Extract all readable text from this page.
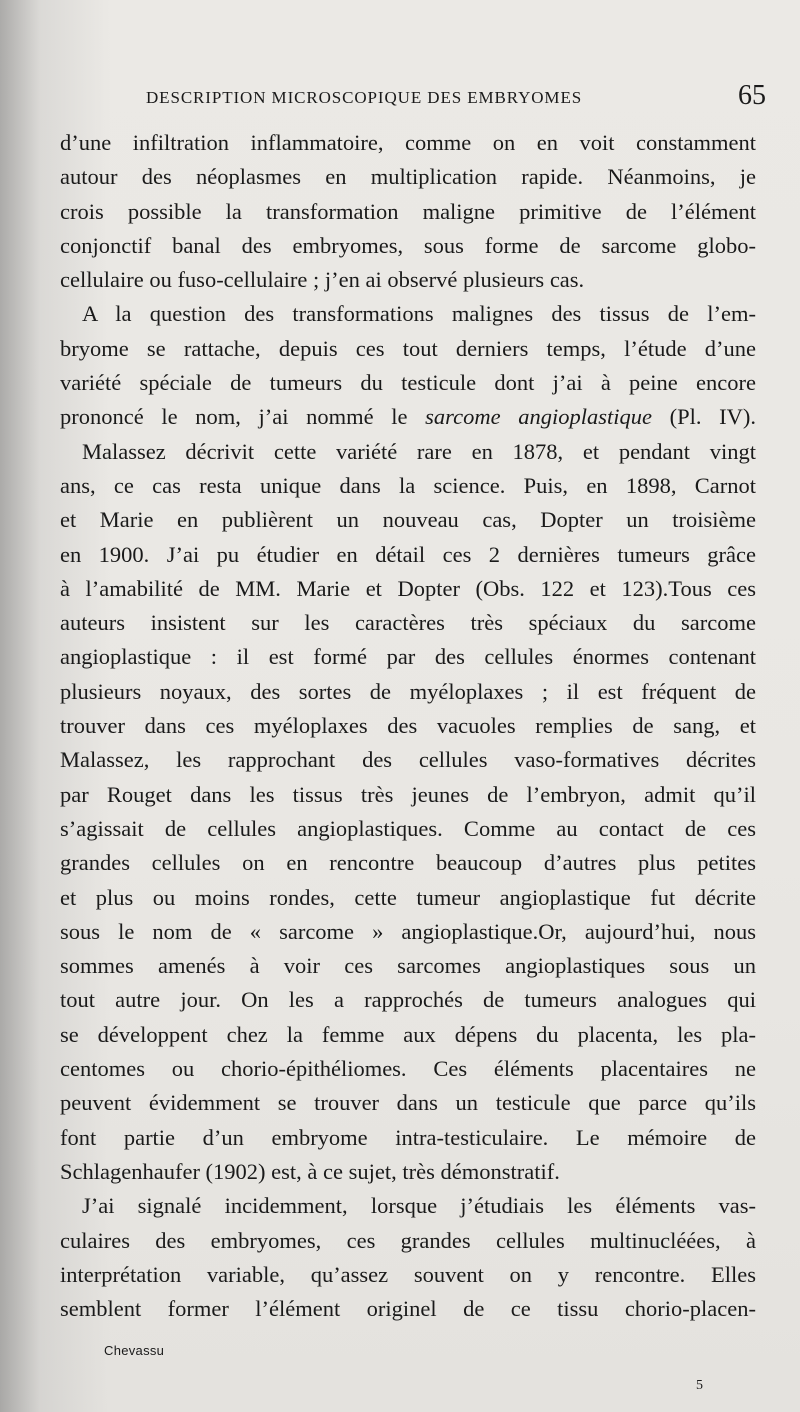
DESCRIPTION MICROSCOPIQUE DES EMBRYOMES	65
d’une infiltration inflammatoire, comme on en voit constamment
autour des néoplasmes en multiplication rapide. Néanmoins, je
crois possible la transformation maligne primitive de l’élément
conjonctif banal des embryomes, sous forme de sarcome globo-
cellulaire ou fuso-cellulaire ; j’en ai observé plusieurs cas.
A la question des transformations malignes des tissus de l’em-
bryome se rattache, depuis ces tout derniers temps, l’étude d’une
variété spéciale de tumeurs du testicule dont j’ai à peine encore
prononcé le nom, j’ai nommé le sarcome angioplastique (Pl. IV).
Malassez décrivit cette variété rare en 1878, et pendant vingt
ans, ce cas resta unique dans la science. Puis, en 1898, Carnot
et Marie en publièrent un nouveau cas, Dopter un troisième
en 1900. J’ai pu étudier en détail ces 2 dernières tumeurs grâce
à l’amabilité de MM. Marie et Dopter (Obs. 122 et 123).Tous ces
auteurs insistent sur les caractères très spéciaux du sarcome
angioplastique : il est formé par des cellules énormes contenant
plusieurs noyaux, des sortes de myéloplaxes ; il est fréquent de
trouver dans ces myéloplaxes des vacuoles remplies de sang, et
Malassez, les rapprochant des cellules vaso-formatives décrites
par Rouget dans les tissus très jeunes de l’embryon, admit qu’il
s’agissait de cellules angioplastiques. Comme au contact de ces
grandes cellules on en rencontre beaucoup d’autres plus petites
et plus ou moins rondes, cette tumeur angioplastique fut décrite
sous le nom de « sarcome » angioplastique.Or, aujourd’hui, nous
sommes amenés à voir ces sarcomes angioplastiques sous un
tout autre jour. On les a rapprochés de tumeurs analogues qui
se développent chez la femme aux dépens du placenta, les pla-
centomes ou chorio-épithéliomes. Ces éléments placentaires ne
peuvent évidemment se trouver dans un testicule que parce qu’ils
font partie d’un embryome intra-testiculaire. Le mémoire de
Schlagenhaufer (1902) est, à ce sujet, très démonstratif.
J’ai signalé incidemment, lorsque j’étudiais les éléments vas-
culaires des embryomes, ces grandes cellules multinucléées, à
interprétation variable, qu’assez souvent on y rencontre. Elles
semblent former l’élément originel de ce tissu chorio-placen-
Chevassu
5
